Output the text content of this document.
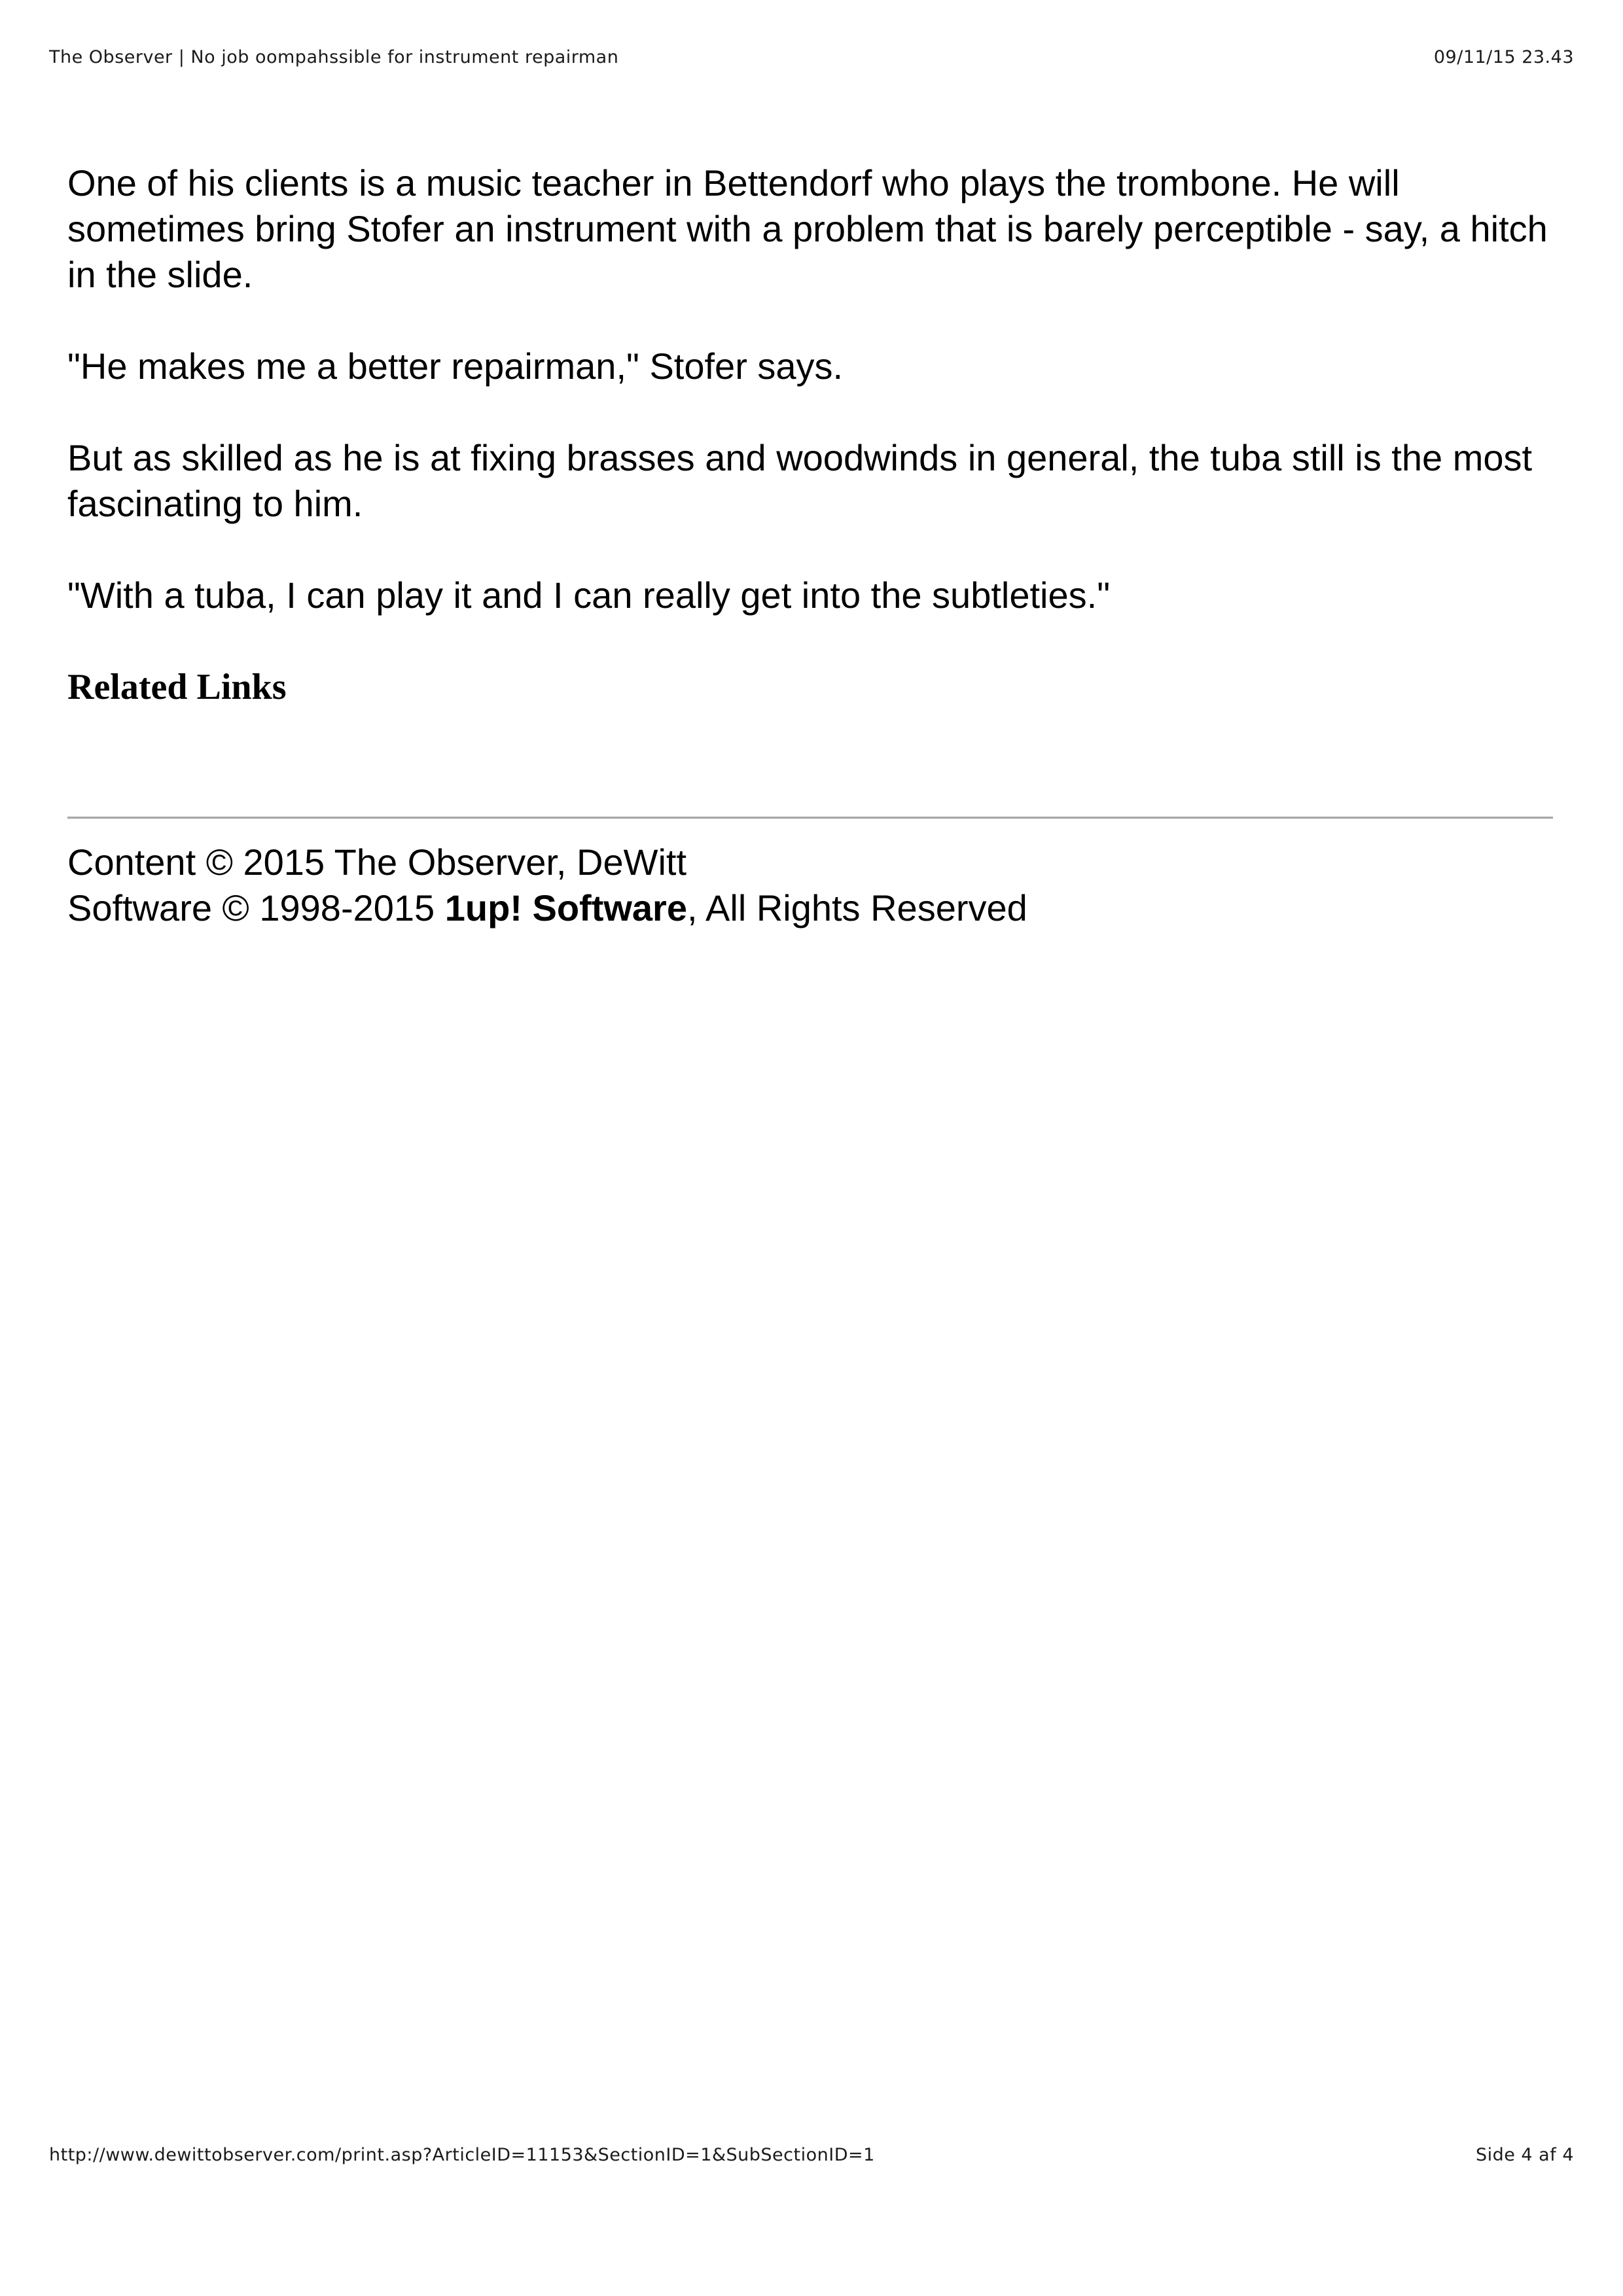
The Observer | No job oompahssible for instrument repairman	09/11/15 23.43

One of his clients is a music teacher in Bettendorf who plays the trombone. He will sometimes bring Stofer an instrument with a problem that is barely perceptible - say, a hitch in the slide.

"He makes me a better repairman," Stofer says.

But as skilled as he is at fixing brasses and woodwinds in general, the tuba still is the most fascinating to him.

"With a tuba, I can play it and I can really get into the subtleties."

Related Links
Content © 2015 The Observer, DeWitt
Software © 1998-2015 1up! Software, All Rights Reserved
http://www.dewittobserver.com/print.asp?ArticleID=11153&SectionID=1&SubSectionID=1	Side 4 af 4
